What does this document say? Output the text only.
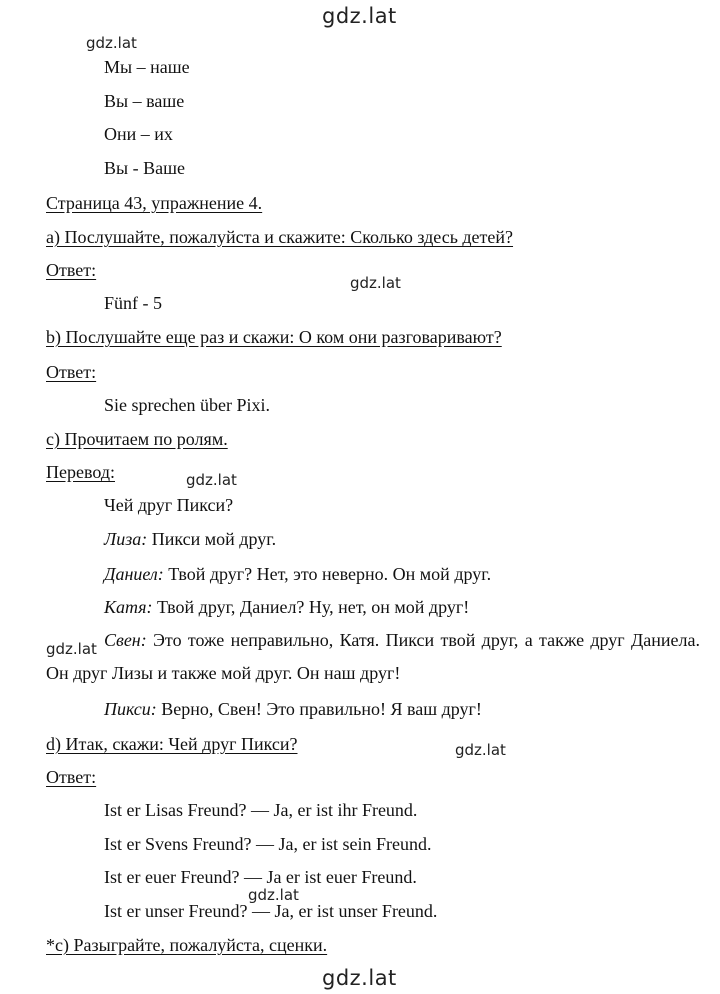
gdz.lat
gdz.lat
gdz.lat
gdz.lat
gdz.lat
gdz.lat
gdz.lat
gdz.lat
Мы – наше
Вы – ваше
Они – их
Вы - Ваше
Страница 43, упражнение 4.
a) Послушайте, пожалуйста и скажите: Сколько здесь детей?
Ответ:
Fünf - 5
b) Послушайте еще раз и скажи: О ком они разговаривают?
Ответ:
Sie sprechen über Pixi.
c) Прочитаем по ролям.
Перевод:
Чей друг Пикси?
Лиза: Пикси мой друг.
Даниел: Твой друг? Нет, это неверно. Он мой друг.
Катя: Твой друг, Даниел? Ну, нет, он мой друг!
Свен: Это тоже неправильно, Катя. Пикси твой друг, а также друг Даниела. Он друг Лизы и также мой друг. Он наш друг!
Пикси: Верно, Свен! Это правильно! Я ваш друг!
d) Итак, скажи: Чей друг Пикси?
Ответ:
Ist er Lisas Freund? — Ja, er ist ihr Freund.
Ist er Svens Freund? — Ja, er ist sein Freund.
Ist er euer Freund? — Ja er ist euer Freund.
Ist er unser Freund? — Ja, er ist unser Freund.
*c) Разыграйте, пожалуйста, сценки.
